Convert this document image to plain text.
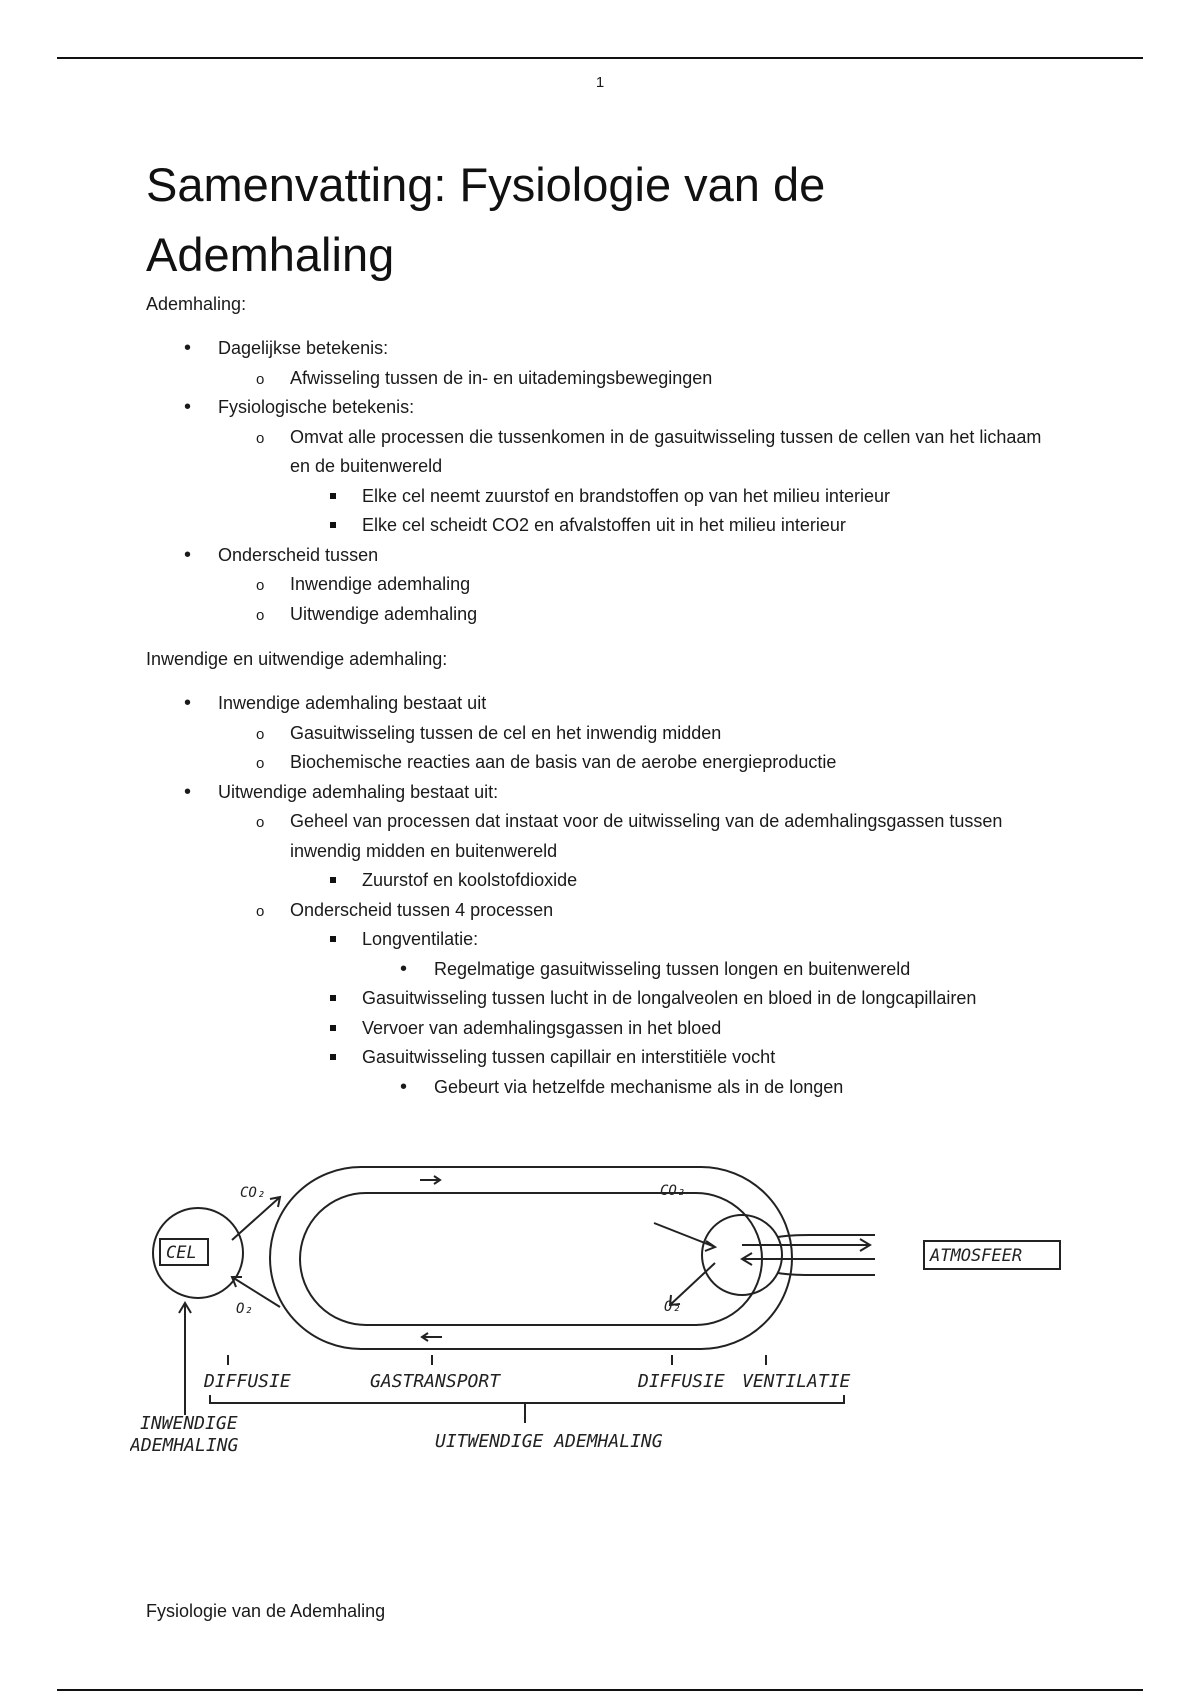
1
Samenvatting: Fysiologie van de Ademhaling

Ademhaling:

• Dagelijkse betekenis:
o Afwisseling tussen de in- en uitademingsbewegingen
• Fysiologische betekenis:
o Omvat alle processen die tussenkomen in de gasuitwisseling tussen de cellen van het lichaam en de buitenwereld
Elke cel neemt zuurstof en brandstoffen op van het milieu interieur
Elke cel scheidt CO2 en afvalstoffen uit in het milieu interieur
• Onderscheid tussen
o Inwendige ademhaling
o Uitwendige ademhaling

Inwendige en uitwendige ademhaling:

• Inwendige ademhaling bestaat uit
o Gasuitwisseling tussen de cel en het inwendig midden
o Biochemische reacties aan de basis van de aerobe energieproductie
• Uitwendige ademhaling bestaat uit:
o Geheel van processen dat instaat voor de uitwisseling van de ademhalingsgassen tussen inwendig midden en buitenwereld
Zuurstof en koolstofdioxide
o Onderscheid tussen 4 processen
Longventilatie:
• Regelmatige gasuitwisseling tussen longen en buitenwereld
Gasuitwisseling tussen lucht in de longalveolen en bloed in de longcapillairen
Vervoer van ademhalingsgassen in het bloed
Gasuitwisseling tussen capillair en interstitiële vocht
• Gebeurt via hetzelfde mechanisme als in de longen
CEL	ATMOSFEER
CO₂
O₂
CO₂
O₂
DIFFUSIE	GASTRANSPORT	DIFFUSIE VENTILATIE
INWENDIGE
ADEMHALING	UITWENDIGE ADEMHALING
Fysiologie van de Ademhaling
